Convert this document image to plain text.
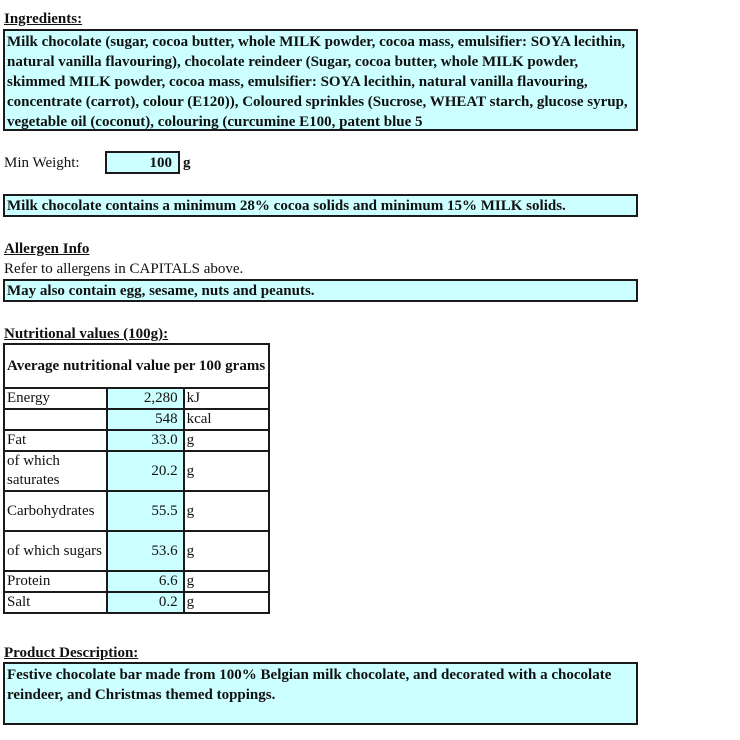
Ingredients:
Milk chocolate (sugar, cocoa butter, whole MILK powder, cocoa mass, emulsifier: SOYA lecithin, natural vanilla flavouring), chocolate reindeer (Sugar, cocoa butter, whole MILK powder, skimmed MILK powder, cocoa mass, emulsifier: SOYA lecithin, natural vanilla flavouring, concentrate (carrot), colour (E120)), Coloured sprinkles (Sucrose, WHEAT starch, glucose syrup, vegetable oil (coconut), colouring (curcumine E100, patent blue 5
Min Weight:	100 g
Milk chocolate contains a minimum 28% cocoa solids and minimum 15% MILK solids.
Allergen Info
Refer to allergens in CAPITALS above.
May also contain egg, sesame, nuts and peanuts.
Nutritional values (100g):
Average nutritional value per 100 grams		
Energy	2,280	kJ
	548	kcal
Fat	33.0	g
of which saturates	20.2	g
Carbohydrates	55.5	g
of which sugars	53.6	g
Protein	6.6	g
Salt	0.2	g
Product Description:
Festive chocolate bar made from 100% Belgian milk chocolate, and decorated with a chocolate reindeer, and Christmas themed toppings.
